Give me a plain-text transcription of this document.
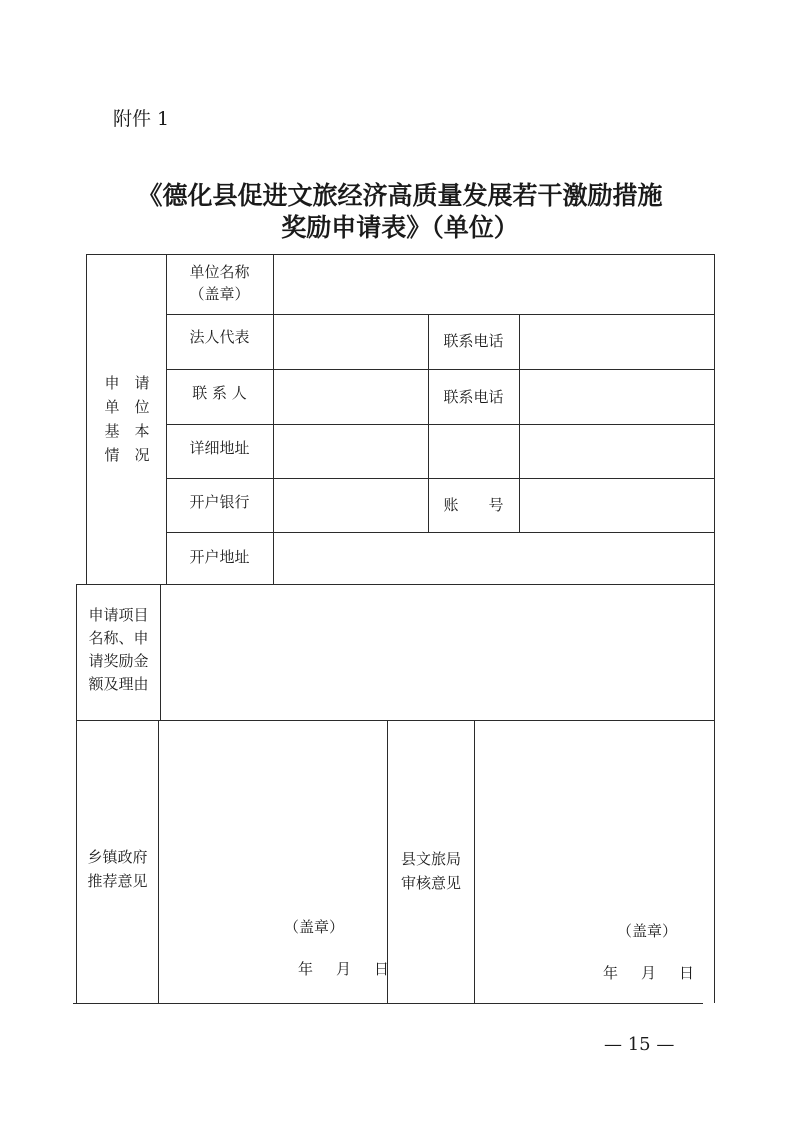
附件 1
《德化县促进文旅经济高质量发展若干激励措施
奖励申请表》（单位）
申　请
单　位
基　本
情　况
单位名称
（盖章）
法人代表	联系电话
联 系 人	联系电话
详细地址
开户银行	账　　号
开户地址
申请项目
名称、申
请奖励金
额及理由
乡镇政府
推荐意见
（盖章）
年　月　日
县文旅局
审核意见
（盖章）
年　月　日
— 15 —
